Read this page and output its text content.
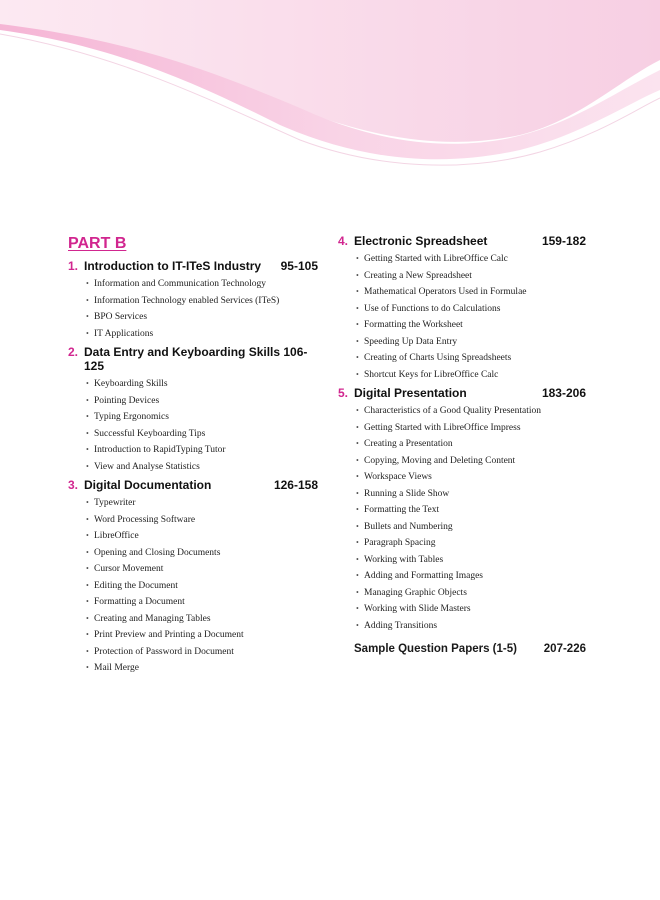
PART B
1. Introduction to IT-ITeS Industry	95-105
• Information and Communication Technology
• Information Technology enabled Services (ITeS)
• BPO Services
• IT Applications
2. Data Entry and Keyboarding Skills 106-125
• Keyboarding Skills
• Pointing Devices
• Typing Ergonomics
• Successful Keyboarding Tips
• Introduction to RapidTyping Tutor
• View and Analyse Statistics
3. Digital Documentation	126-158
• Typewriter
• Word Processing Software
• LibreOffice
• Opening and Closing Documents
• Cursor Movement
• Editing the Document
• Formatting a Document
• Creating and Managing Tables
• Print Preview and Printing a Document
• Protection of Password in Document
• Mail Merge
4. Electronic Spreadsheet	159-182
• Getting Started with LibreOffice Calc
• Creating a New Spreadsheet
• Mathematical Operators Used in Formulae
• Use of Functions to do Calculations
• Formatting the Worksheet
• Speeding Up Data Entry
• Creating of Charts Using Spreadsheets
• Shortcut Keys for LibreOffice Calc
5. Digital Presentation	183-206
• Characteristics of a Good Quality Presentation
• Getting Started with LibreOffice Impress
• Creating a Presentation
• Copying, Moving and Deleting Content
• Workspace Views
• Running a Slide Show
• Formatting the Text
• Bullets and Numbering
• Paragraph Spacing
• Working with Tables
• Adding and Formatting Images
• Managing Graphic Objects
• Working with Slide Masters
• Adding Transitions
Sample Question Papers (1-5)	207-226
